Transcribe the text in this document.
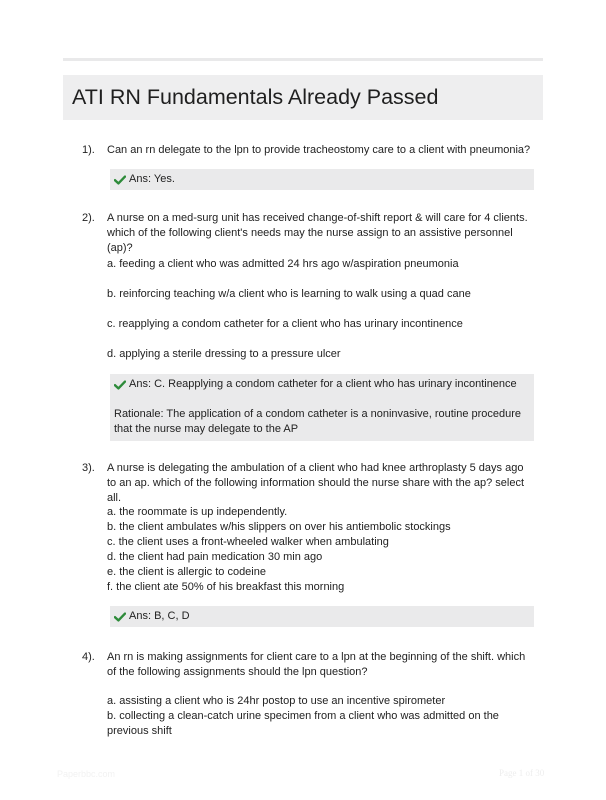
ATI RN Fundamentals Already Passed
1). Can an rn delegate to the lpn to provide tracheostomy care to a client with pneumonia?

Ans: Yes.
2). A nurse on a med-surg unit has received change-of-shift report & will care for 4 clients. which of the following client's needs may the nurse assign to an assistive personnel (ap)?

a. feeding a client who was admitted 24 hrs ago w/aspiration pneumonia
b. reinforcing teaching w/a client who is learning to walk using a quad cane
c. reapplying a condom catheter for a client who has urinary incontinence
d. applying a sterile dressing to a pressure ulcer
Ans: C. Reapplying a condom catheter for a client who has urinary incontinence
Rationale: The application of a condom catheter is a noninvasive, routine procedure that the nurse may delegate to the AP
3). A nurse is delegating the ambulation of a client who had knee arthroplasty 5 days ago to an ap. which of the following information should the nurse share with the ap? select all.

a. the roommate is up independently.
b. the client ambulates w/his slippers on over his antiembolic stockings
c. the client uses a front-wheeled walker when ambulating
d. the client had pain medication 30 min ago
e. the client is allergic to codeine
f. the client ate 50% of his breakfast this morning
Ans: B, C, D
4). An rn is making assignments for client care to a lpn at the beginning of the shift. which of the following assignments should the lpn question?

a. assisting a client who is 24hr postop to use an incentive spirometer

b. collecting a clean-catch urine specimen from a client who was admitted on the previous shift

Paperbbc.com	Page 1 of 30
